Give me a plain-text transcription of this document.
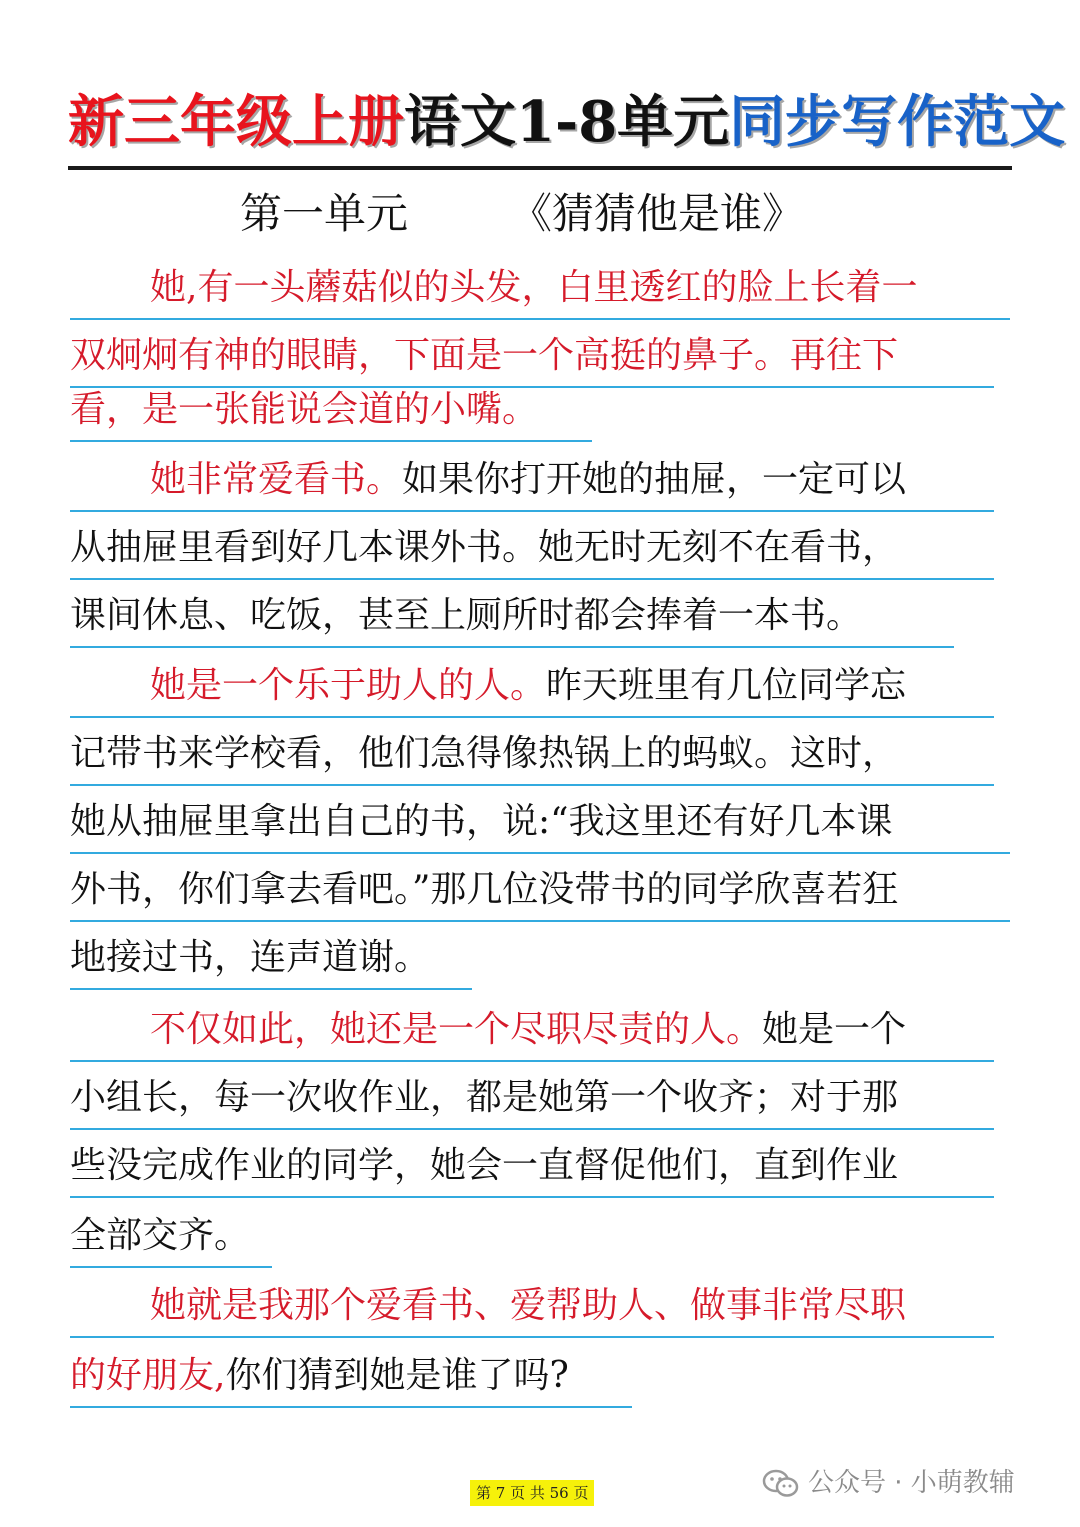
新三年级上册语文1-8单元同步写作范文
第一单元 《猜猜他是谁》
她,有一头蘑菇似的头发，白里透红的脸上长着一
双炯炯有神的眼睛，下面是一个高挺的鼻子。再往下
看，是一张能说会道的小嘴。
她非常爱看书。如果你打开她的抽屉，一定可以
从抽屉里看到好几本课外书。她无时无刻不在看书，
课间休息、吃饭，甚至上厕所时都会捧着一本书。
她是一个乐于助人的人。昨天班里有几位同学忘
记带书来学校看，他们急得像热锅上的蚂蚁。这时，
她从抽屉里拿出自己的书，说:“我这里还有好几本课
外书，你们拿去看吧。”那几位没带书的同学欣喜若狂
地接过书，连声道谢。
不仅如此，她还是一个尽职尽责的人。她是一个
小组长，每一次收作业，都是她第一个收齐；对于那
些没完成作业的同学，她会一直督促他们，直到作业
全部交齐。
她就是我那个爱看书、爱帮助人、做事非常尽职
的好朋友,你们猜到她是谁了吗?
第 7 页 共 56 页	公众号 · 小萌教辅
